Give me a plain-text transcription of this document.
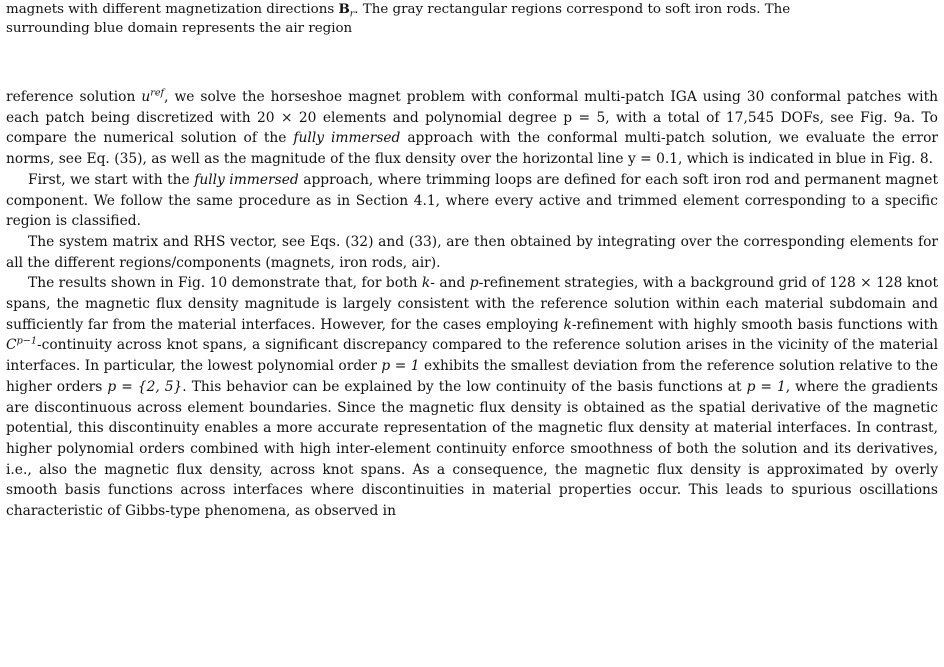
magnets with different magnetization directions $B_r$. The gray rectangular regions correspond to soft iron rods. The
surrounding blue domain represents the air region

reference solution $u^{ref}$, we solve the horseshoe magnet problem with conformal multi-patch IGA using 30 conformal patches with each patch being discretized with 20 × 20 elements and polynomial degree p = 5, with a total of 17,545 DOFs, see Fig. 9a. To compare the numerical solution of the fully immersed approach with the conformal multi-patch solution, we evaluate the error norms, see Eq. (35), as well as the magnitude of the flux density over the horizontal line y = 0.1, which is indicated in blue in Fig. 8.

First, we start with the fully immersed approach, where trimming loops are defined for each soft iron rod and permanent magnet component. We follow the same procedure as in Section 4.1, where every active and trimmed element corresponding to a specific region is classified.

The system matrix and RHS vector, see Eqs. (32) and (33), are then obtained by integrating over the corresponding elements for all the different regions/components (magnets, iron rods, air).

The results shown in Fig. 10 demonstrate that, for both k- and p-refinement strategies, with a background grid of 128 × 128 knot spans, the magnetic flux density magnitude is largely consistent with the reference solution within each material subdomain and sufficiently far from the material interfaces. However, for the cases employing k-refinement with highly smooth basis functions with $C^{p-1}$-continuity across knot spans, a significant discrepancy compared to the reference solution arises in the vicinity of the material interfaces. In particular, the lowest polynomial order p = 1 exhibits the smallest deviation from the reference solution relative to the higher orders p = {2, 5}. This behavior can be explained by the low continuity of the basis functions at p = 1, where the gradients are discontinuous across element boundaries. Since the magnetic flux density is obtained as the spatial derivative of the magnetic potential, this discontinuity enables a more accurate representation of the magnetic flux density at material interfaces. In contrast, higher polynomial orders combined with high inter-element continuity enforce smoothness of both the solution and its derivatives, i.e., also the magnetic flux density, across knot spans. As a consequence, the magnetic flux density is approximated by overly smooth basis functions across interfaces where discontinuities in material properties occur. This leads to spurious oscillations characteristic of Gibbs-type phenomena, as observed in
